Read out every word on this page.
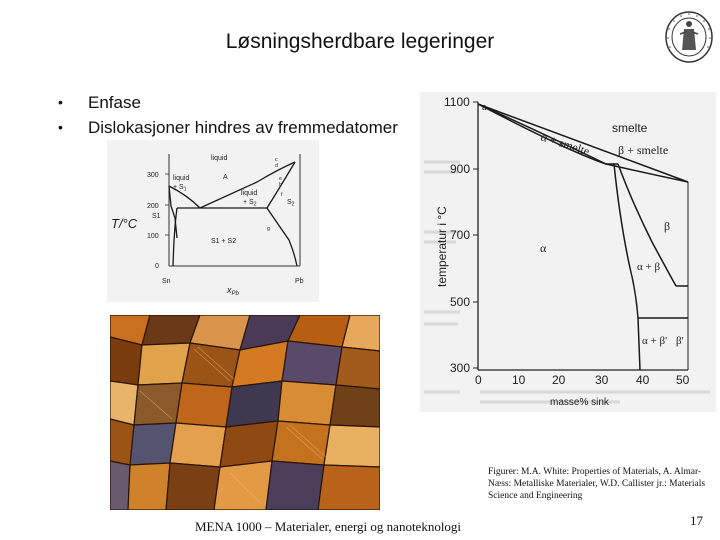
Løsningsherdbare legeringer
• Enfase
• Dislokasjoner hindres av fremmedatomer
T/°C
300
200
100
0
Sn	Pb
$x_{Pb}$
liquid
liquid
+ $S_1$
liquid
+ $S_2$
S1 + S2
$S_2$
S1
A
c
d
e
b
f
g
1100
900
700
500
300
0	10 20 30 40 50
masse% sink
temperatur i °C
a
smelte
α + smelte β + smelte
α
β
α + β
α + β' β'
Figurer: M.A. White: Properties of Materials, A. Almar-Næss: Metalliske Materialer, W.D. Callister jr.: Materials Science and Engineering
MENA 1000 – Materialer, energi og nanoteknologi	17
